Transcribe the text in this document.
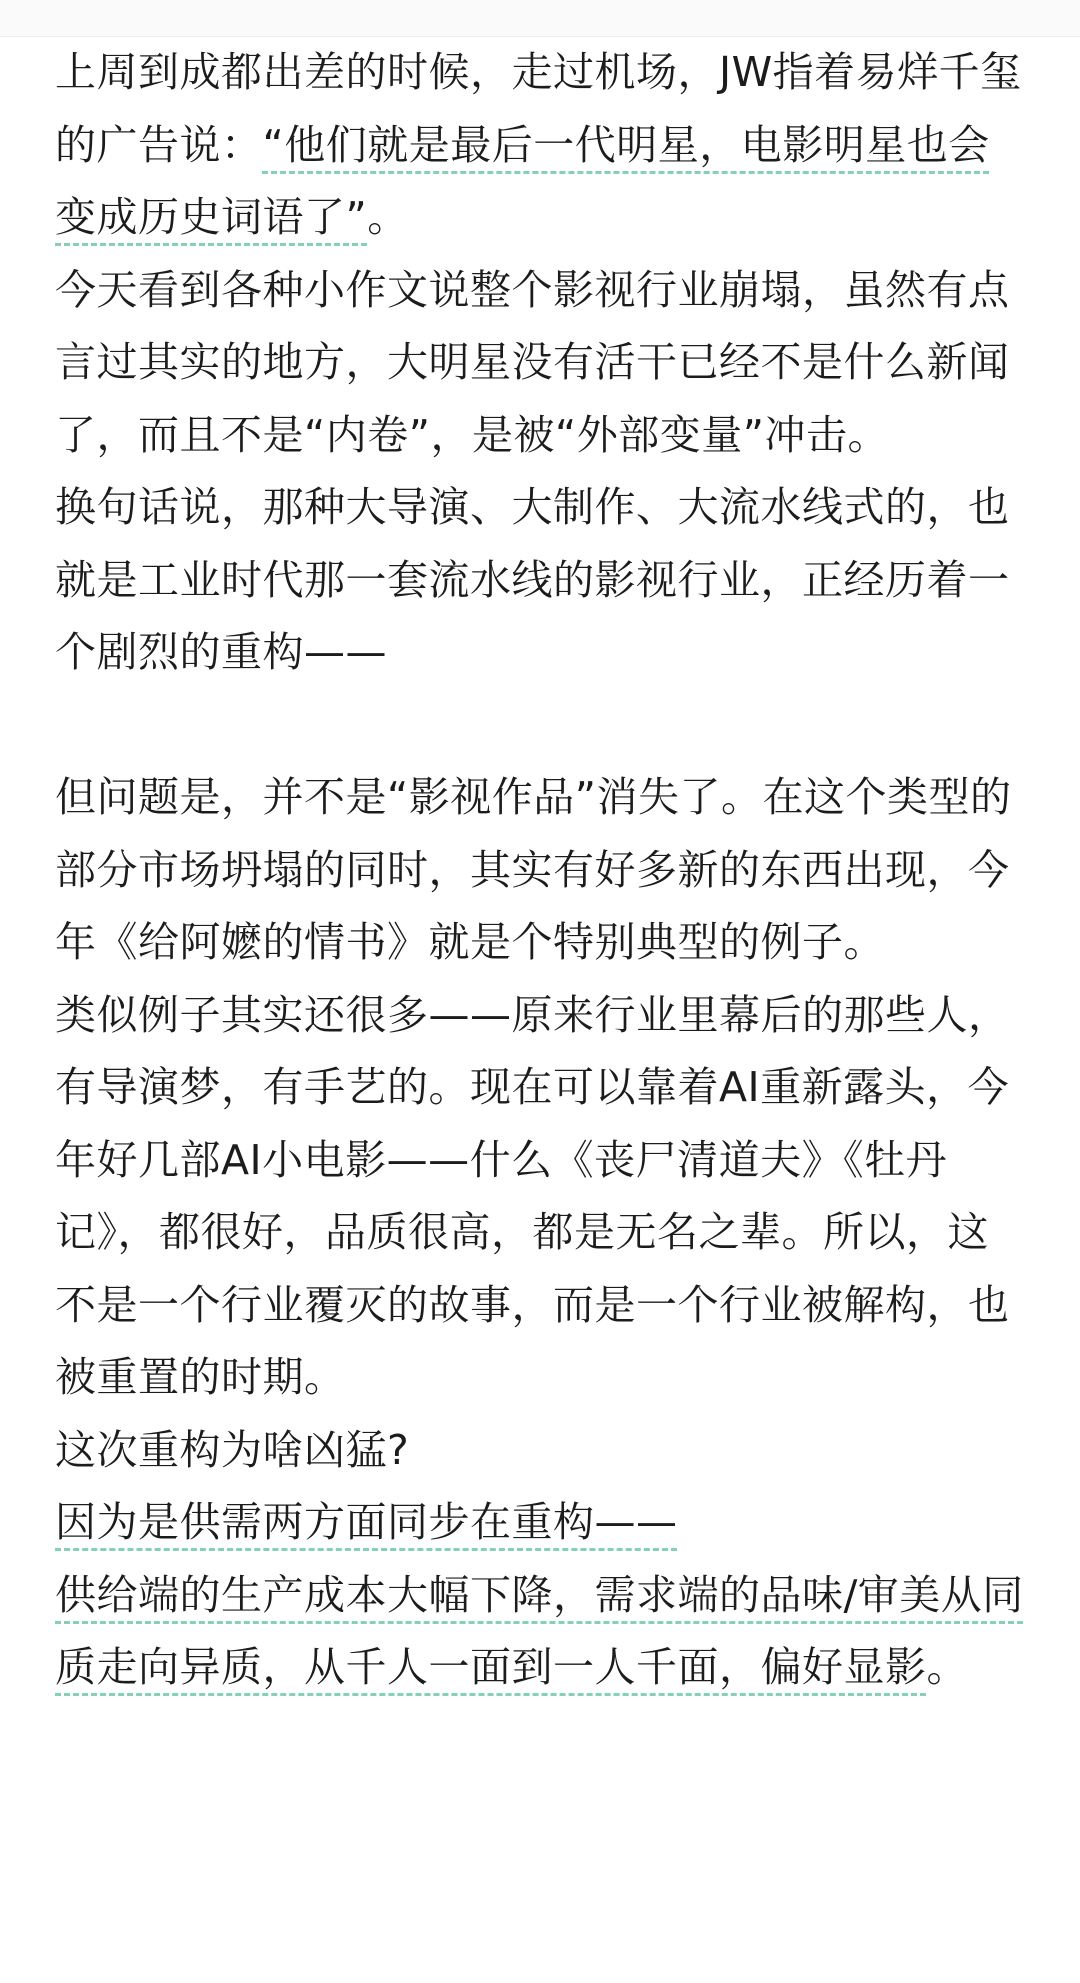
上周到成都出差的时候，走过机场，JW指着易烊千玺的广告说：“他们就是最后一代明星，电影明星也会变成历史词语了”。

今天看到各种小作文说整个影视行业崩塌，虽然有点言过其实的地方，大明星没有活干已经不是什么新闻了，而且不是“内卷”，是被“外部变量”冲击。

换句话说，那种大导演、大制作、大流水线式的，也就是工业时代那一套流水线的影视行业，正经历着一个剧烈的重构——

但问题是，并不是“影视作品”消失了。在这个类型的部分市场坍塌的同时，其实有好多新的东西出现，今年《给阿嬷的情书》就是个特别典型的例子。

类似例子其实还很多——原来行业里幕后的那些人，有导演梦，有手艺的。现在可以靠着AI重新露头，今年好几部AI小电影——什么《丧尸清道夫》《牡丹记》，都很好，品质很高，都是无名之辈。所以，这不是一个行业覆灭的故事，而是一个行业被解构，也被重置的时期。

这次重构为啥凶猛?

因为是供需两方面同步在重构——

供给端的生产成本大幅下降，需求端的品味/审美从同质走向异质，从千人一面到一人千面，偏好显影。
